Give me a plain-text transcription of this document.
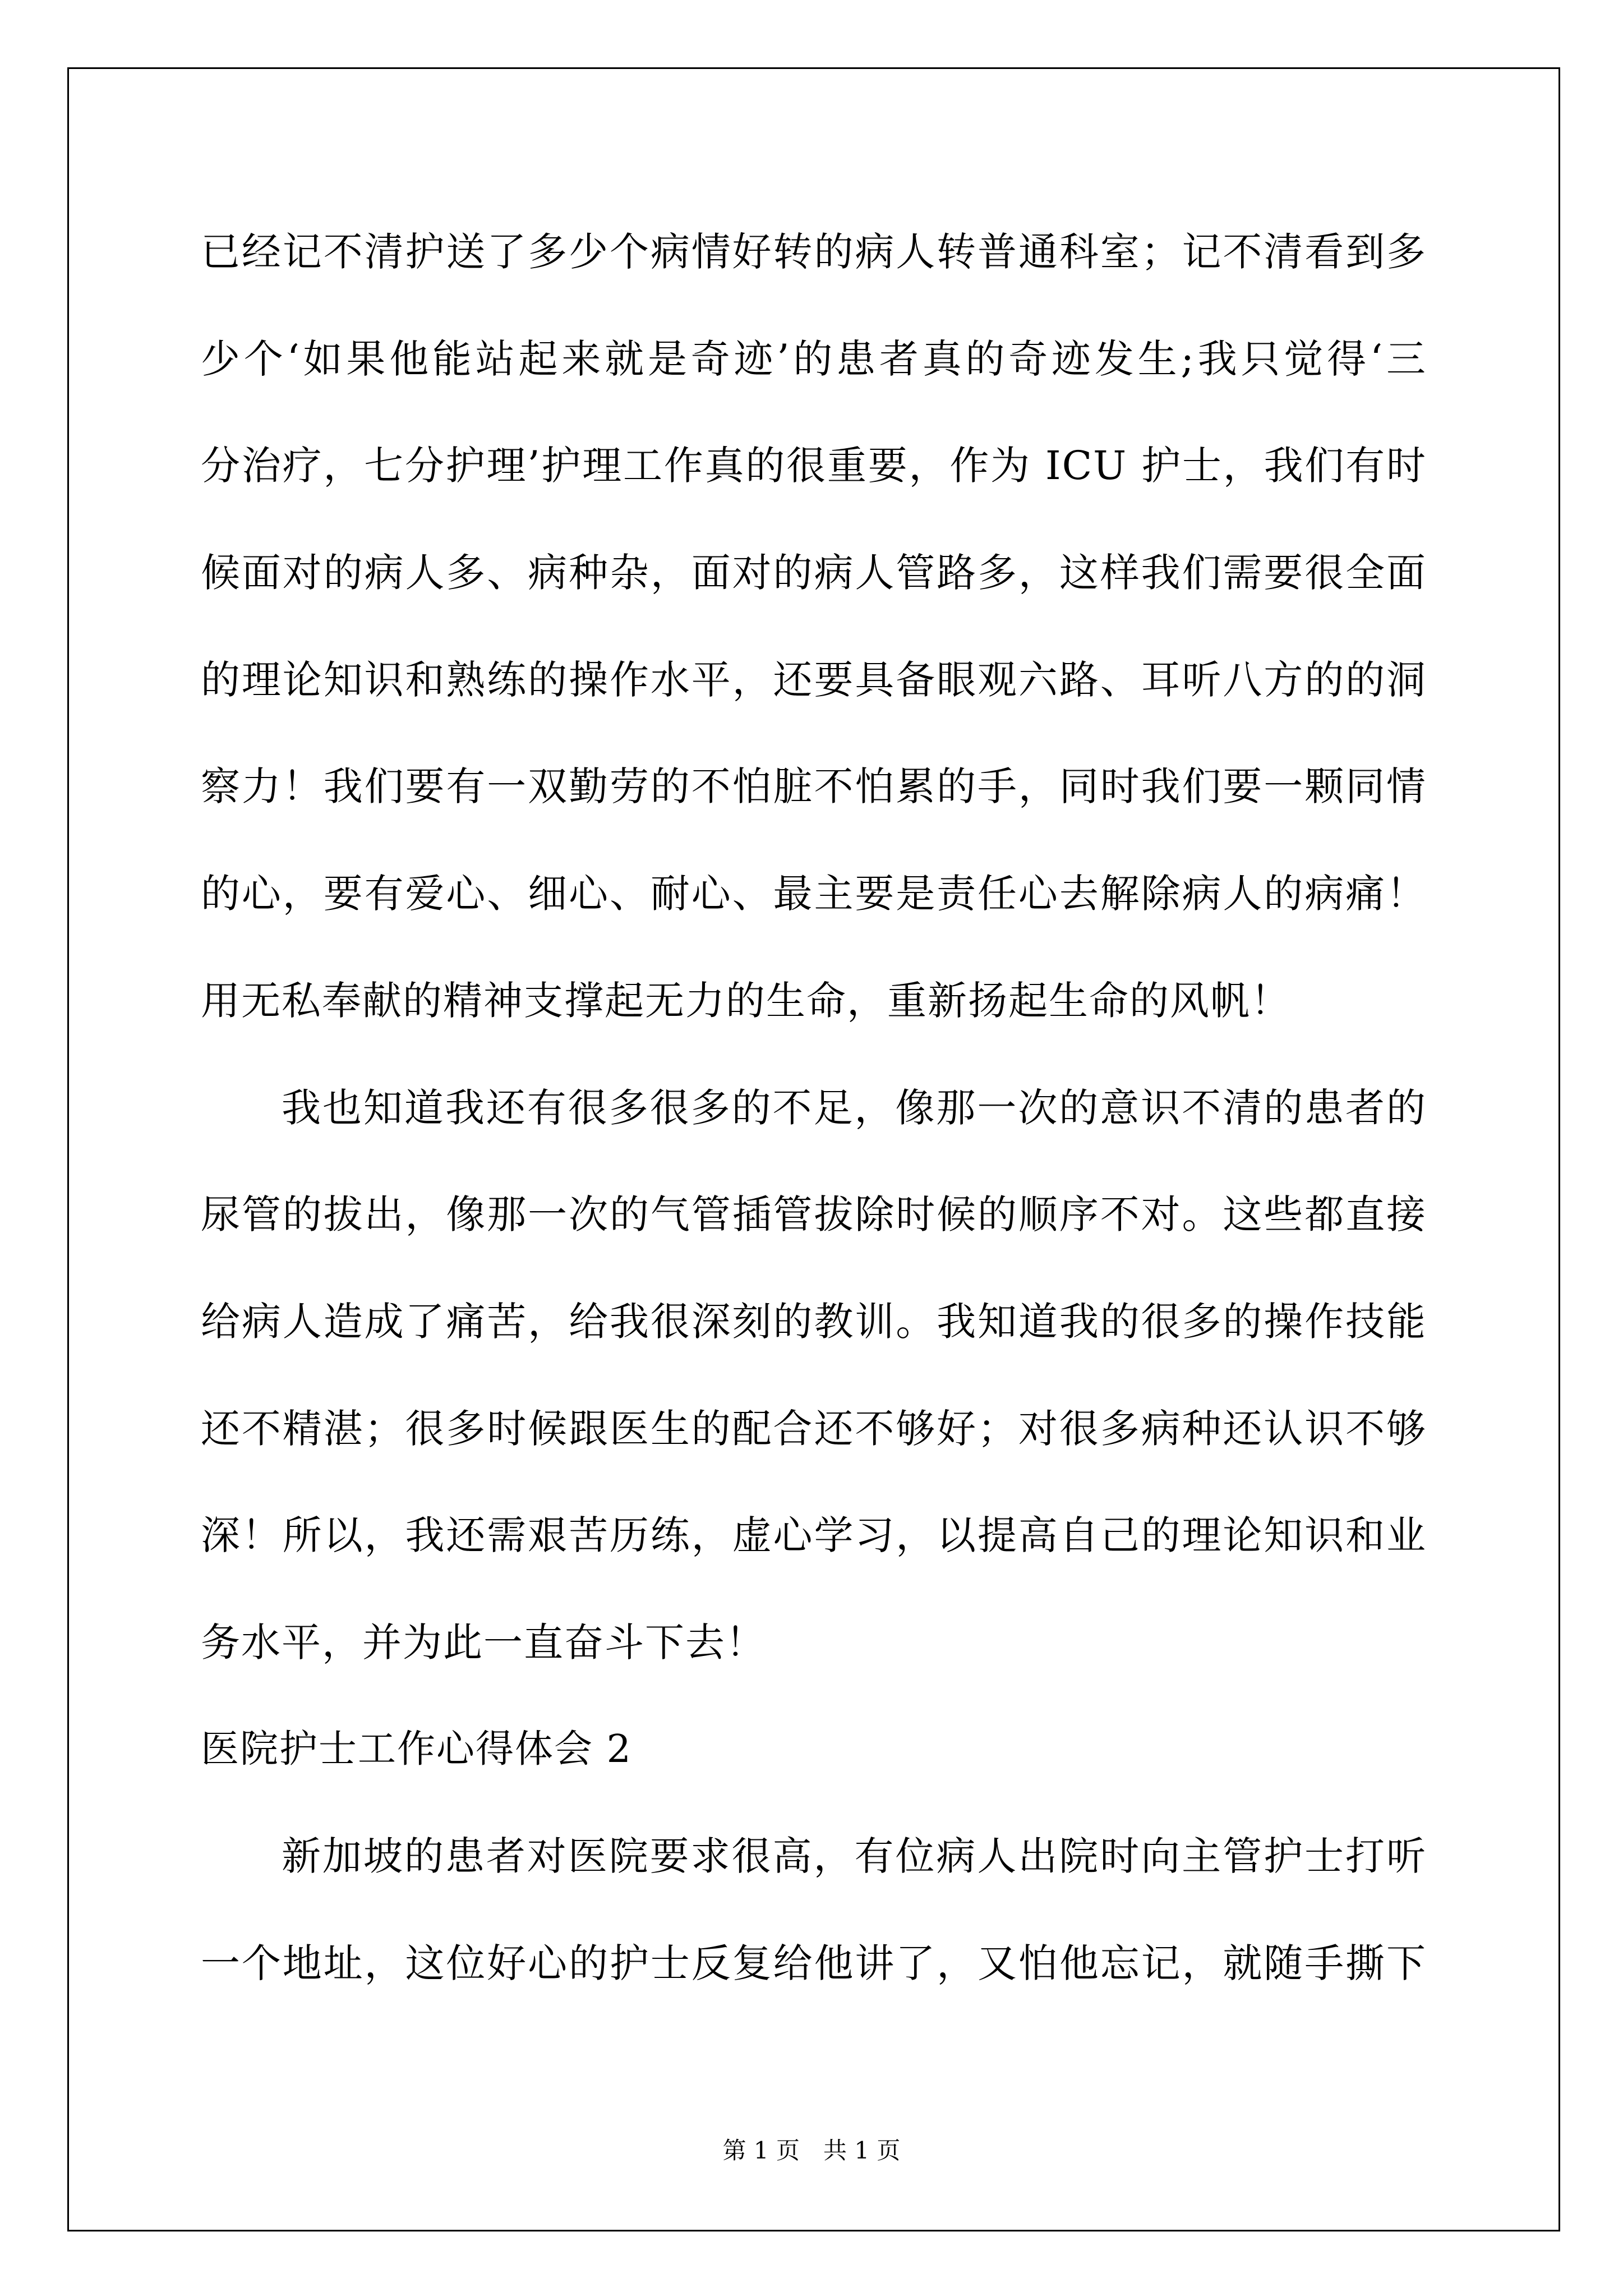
已经记不清护送了多少个病情好转的病人转普通科室；记不清看到多
少个‘如果他能站起来就是奇迹’的患者真的奇迹发生;我只觉得‘三
分治疗，七分护理’护理工作真的很重要，作为 ICU 护士，我们有时
候面对的病人多、病种杂，面对的病人管路多，这样我们需要很全面
的理论知识和熟练的操作水平，还要具备眼观六路、耳听八方的的洞
察力！我们要有一双勤劳的不怕脏不怕累的手，同时我们要一颗同情
的心，要有爱心、细心、耐心、最主要是责任心去解除病人的病痛！
用无私奉献的精神支撑起无力的生命，重新扬起生命的风帆！
我也知道我还有很多很多的不足，像那一次的意识不清的患者的
尿管的拔出，像那一次的气管插管拔除时候的顺序不对。这些都直接
给病人造成了痛苦，给我很深刻的教训。我知道我的很多的操作技能
还不精湛；很多时候跟医生的配合还不够好；对很多病种还认识不够
深！所以，我还需艰苦历练，虚心学习，以提高自己的理论知识和业
务水平，并为此一直奋斗下去！
医院护士工作心得体会 2
新加坡的患者对医院要求很高，有位病人出院时向主管护士打听
一个地址，这位好心的护士反复给他讲了，又怕他忘记，就随手撕下
第 1 页　共 1 页
